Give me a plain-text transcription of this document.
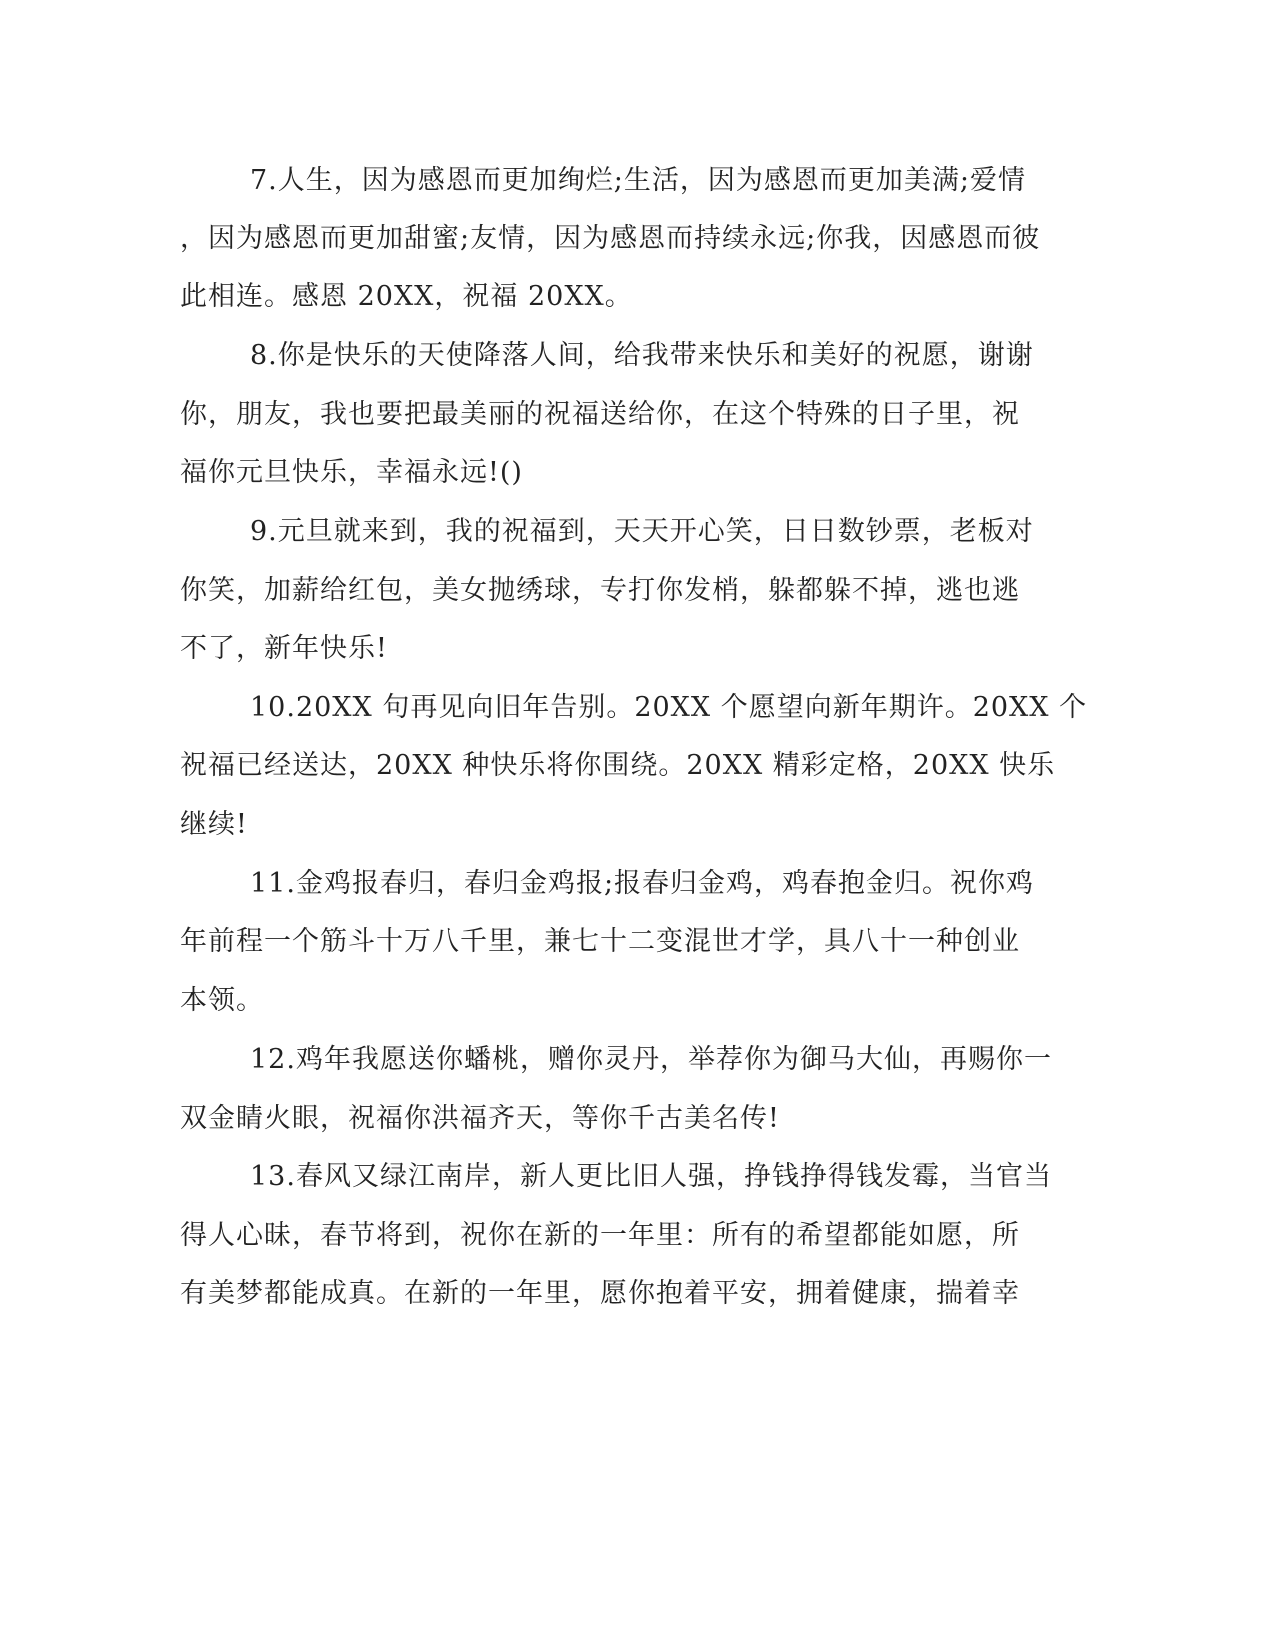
7.人生，因为感恩而更加绚烂;生活，因为感恩而更加美满;爱情
，因为感恩而更加甜蜜;友情，因为感恩而持续永远;你我，因感恩而彼
此相连。感恩 20XX，祝福 20XX。
8.你是快乐的天使降落人间，给我带来快乐和美好的祝愿，谢谢
你，朋友，我也要把最美丽的祝福送给你，在这个特殊的日子里，祝
福你元旦快乐，幸福永远!()
9.元旦就来到，我的祝福到，天天开心笑，日日数钞票，老板对
你笑，加薪给红包，美女抛绣球，专打你发梢，躲都躲不掉，逃也逃
不了，新年快乐!
10.20XX 句再见向旧年告别。20XX 个愿望向新年期许。20XX 个
祝福已经送达，20XX 种快乐将你围绕。20XX 精彩定格，20XX 快乐
继续!
11.金鸡报春归，春归金鸡报;报春归金鸡，鸡春抱金归。祝你鸡
年前程一个筋斗十万八千里，兼七十二变混世才学，具八十一种创业
本领。
12.鸡年我愿送你蟠桃，赠你灵丹，举荐你为御马大仙，再赐你一
双金睛火眼，祝福你洪福齐天，等你千古美名传!
13.春风又绿江南岸，新人更比旧人强，挣钱挣得钱发霉，当官当
得人心昧，春节将到，祝你在新的一年里：所有的希望都能如愿，所
有美梦都能成真。在新的一年里，愿你抱着平安，拥着健康，揣着幸
